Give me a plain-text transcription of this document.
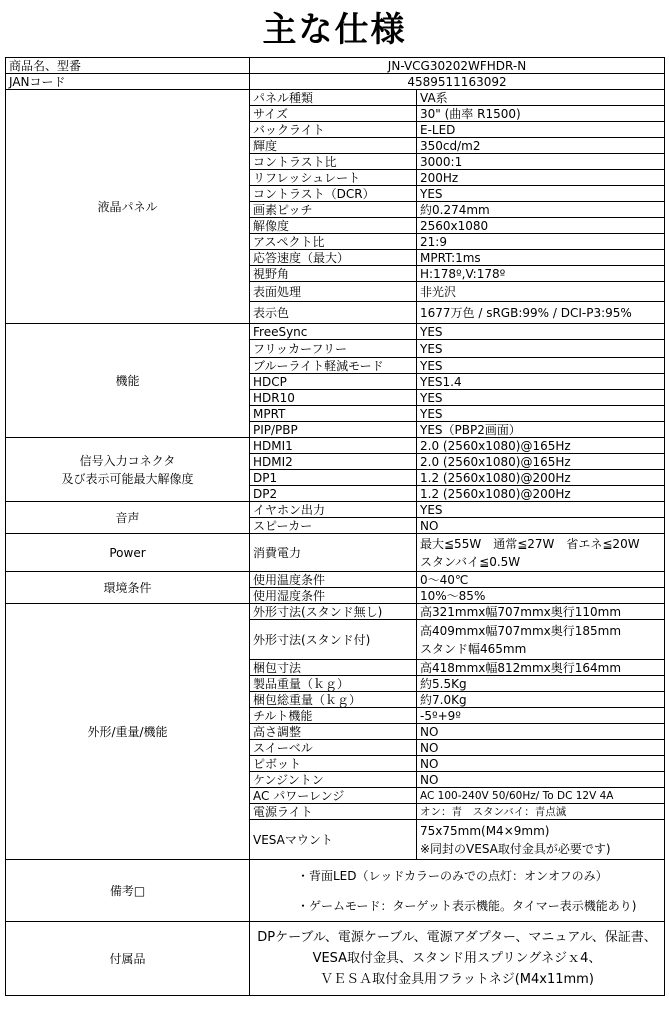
主な仕様
商品名、型番	JN-VCG30202WFHDR-N	
JANコード	4589511163092	

液晶パネル	パネル種類	VA系
	サイズ	30" (曲率 R1500)
	バックライト	E-LED
	輝度	350cd/m2
	コントラスト比	3000:1
	リフレッシュレート	200Hz
	コントラスト（DCR）	YES
	画素ピッチ	約0.274mm
	解像度	2560x1080
	アスペクト比	21:9
	応答速度（最大）	MPRT:1ms
	視野角	H:178º,V:178º
	表面処理	非光沢
	表示色	1677万色 / sRGB:99% / DCI-P3:95%

機能	FreeSync	YES
	フリッカーフリー	YES
	ブルーライト軽減モード	YES
	HDCP	YES1.4
	HDR10	YES
	MPRT	YES
	PIP/PBP	YES（PBP2画面）

信号入力コネクタ
及び表示可能最大解像度	HDMI1	2.0 (2560x1080)@165Hz
	HDMI2	2.0 (2560x1080)@165Hz
	DP1	1.2 (2560x1080)@200Hz
	DP2	1.2 (2560x1080)@200Hz

音声	イヤホン出力	YES
	スピーカー	NO

Power	消費電力	最大≦55W　通常≦27W　省エネ≦20W
スタンバイ≦0.5W

環境条件	使用温度条件	0～40℃
	使用湿度条件	10%～85%

外形/重量/機能	外形寸法(スタンド無し)	高321mmx幅707mmx奥行110mm
	外形寸法(スタンド付)	高409mmx幅707mmx奥行185mm
スタンド幅465mm

	梱包寸法	高418mmx幅812mmx奥行164mm
	製品重量（ｋｇ）	約5.5Kg
	梱包総重量（ｋｇ）	約7.0Kg
	チルト機能	-5º+9º
	高さ調整	NO
	スイーベル	NO
	ピボット	NO
	ケンジントン	NO
	AC パワーレンジ	AC 100-240V 50/60Hz/ To DC 12V 4A
	電源ライト	オン：青　スタンバイ：青点滅
	VESAマウント	75x75mm(M4×9mm)
※同封のVESA取付金具が必要です)

備考□	・背面LED（レッドカラーのみでの点灯：オンオフのみ）
・ゲームモード：ターゲット表示機能。タイマー表示機能あり)	

付属品	DPケーブル、電源ケーブル、電源アダプター、マニュアル、保証書、
VESA取付金具、スタンド用スプリングネジｘ4、
ＶＥＳＡ取付金具用フラットネジ(M4x11mm)	
